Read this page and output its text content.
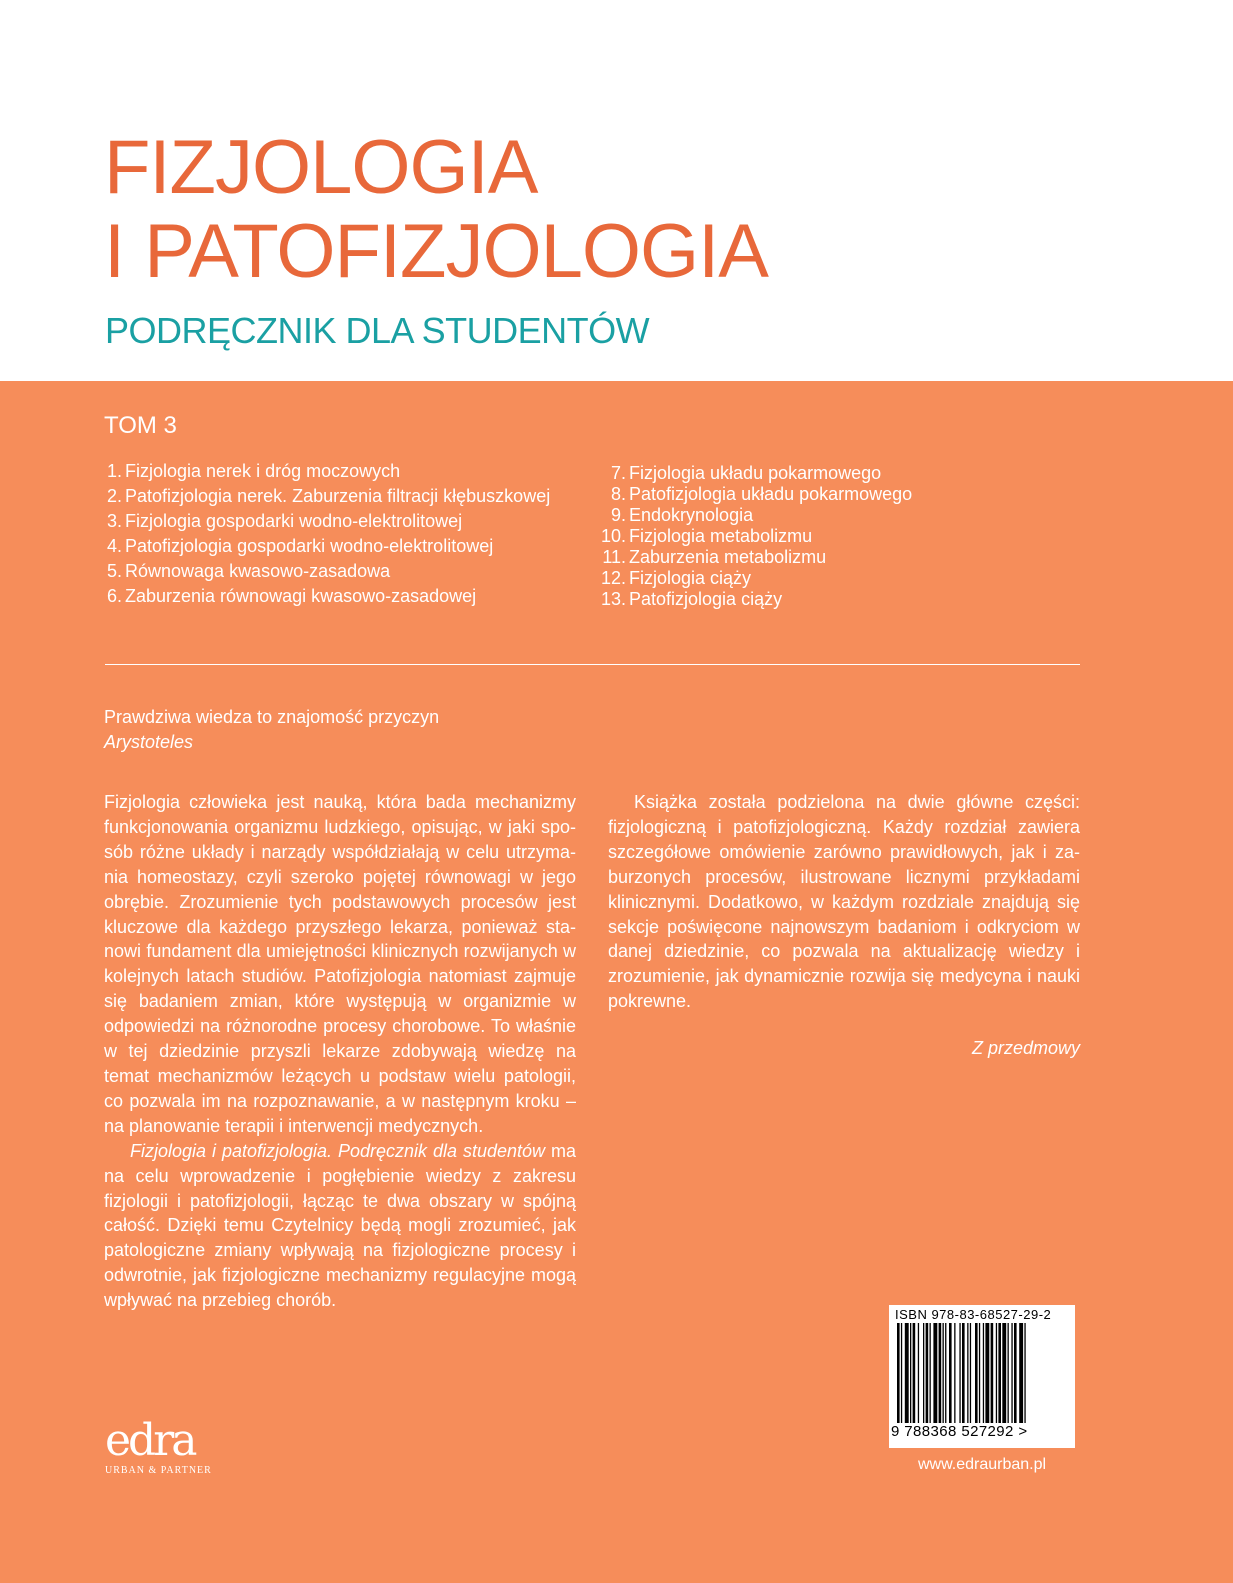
FIZJOLOGIA
I PATOFIZJOLOGIA
PODRĘCZNIK DLA STUDENTÓW
TOM 3
1. Fizjologia nerek i dróg moczowych
2. Patofizjologia nerek. Zaburzenia filtracji kłębuszkowej
3. Fizjologia gospodarki wodno-elektrolitowej
4. Patofizjologia gospodarki wodno-elektrolitowej
5. Równowaga kwasowo-zasadowa
6. Zaburzenia równowagi kwasowo-zasadowej
7. Fizjologia układu pokarmowego
8. Patofizjologia układu pokarmowego
9. Endokrynologia
10. Fizjologia metabolizmu
11. Zaburzenia metabolizmu
12. Fizjologia ciąży
13. Patofizjologia ciąży
Prawdziwa wiedza to znajomość przyczyn
Arystoteles

Fizjologia człowieka jest nauką, która bada mechanizmy funkcjonowania organizmu ludzkiego, opisując, w jaki sposób różne układy i narządy współdziałają w celu utrzymania homeostazy, czyli szeroko pojętej równowagi w jego obrębie. Zrozumienie tych podstawowych procesów jest kluczowe dla każdego przyszłego lekarza, ponieważ stanowi fundament dla umiejętności klinicznych rozwijanych w kolejnych latach studiów. Patofizjologia natomiast zajmuje się badaniem zmian, które występują w organizmie w odpowiedzi na różnorodne procesy chorobowe. To właśnie w tej dziedzinie przyszli lekarze zdobywają wiedzę na temat mechanizmów leżących u podstaw wielu patologii, co pozwala im na rozpoznawanie, a w następnym kroku – na planowanie terapii i interwencji medycznych.

Fizjologia i patofizjologia. Podręcznik dla studentów ma na celu wprowadzenie i pogłębienie wiedzy z zakresu fizjologii i patofizjologii, łącząc te dwa obszary w spójną całość. Dzięki temu Czytelnicy będą mogli zrozumieć, jak patologiczne zmiany wpływają na fizjologiczne procesy i odwrotnie, jak fizjologiczne mechanizmy regulacyjne mogą wpływać na przebieg chorób.

Książka została podzielona na dwie główne części: fizjologiczną i patofizjologiczną. Każdy rozdział zawiera szczegółowe omówienie zarówno prawidłowych, jak i zaburzonych procesów, ilustrowane licznymi przykładami klinicznymi. Dodatkowo, w każdym rozdziale znajdują się sekcje poświęcone najnowszym badaniom i odkryciom w danej dziedzinie, co pozwala na aktualizację wiedzy i zrozumienie, jak dynamicznie rozwija się medycyna i nauki pokrewne.

Z przedmowy

edra
URBAN & PARTNER
ISBN 978-83-68527-29-2
9 788368 527292 >
www.edraurban.pl
